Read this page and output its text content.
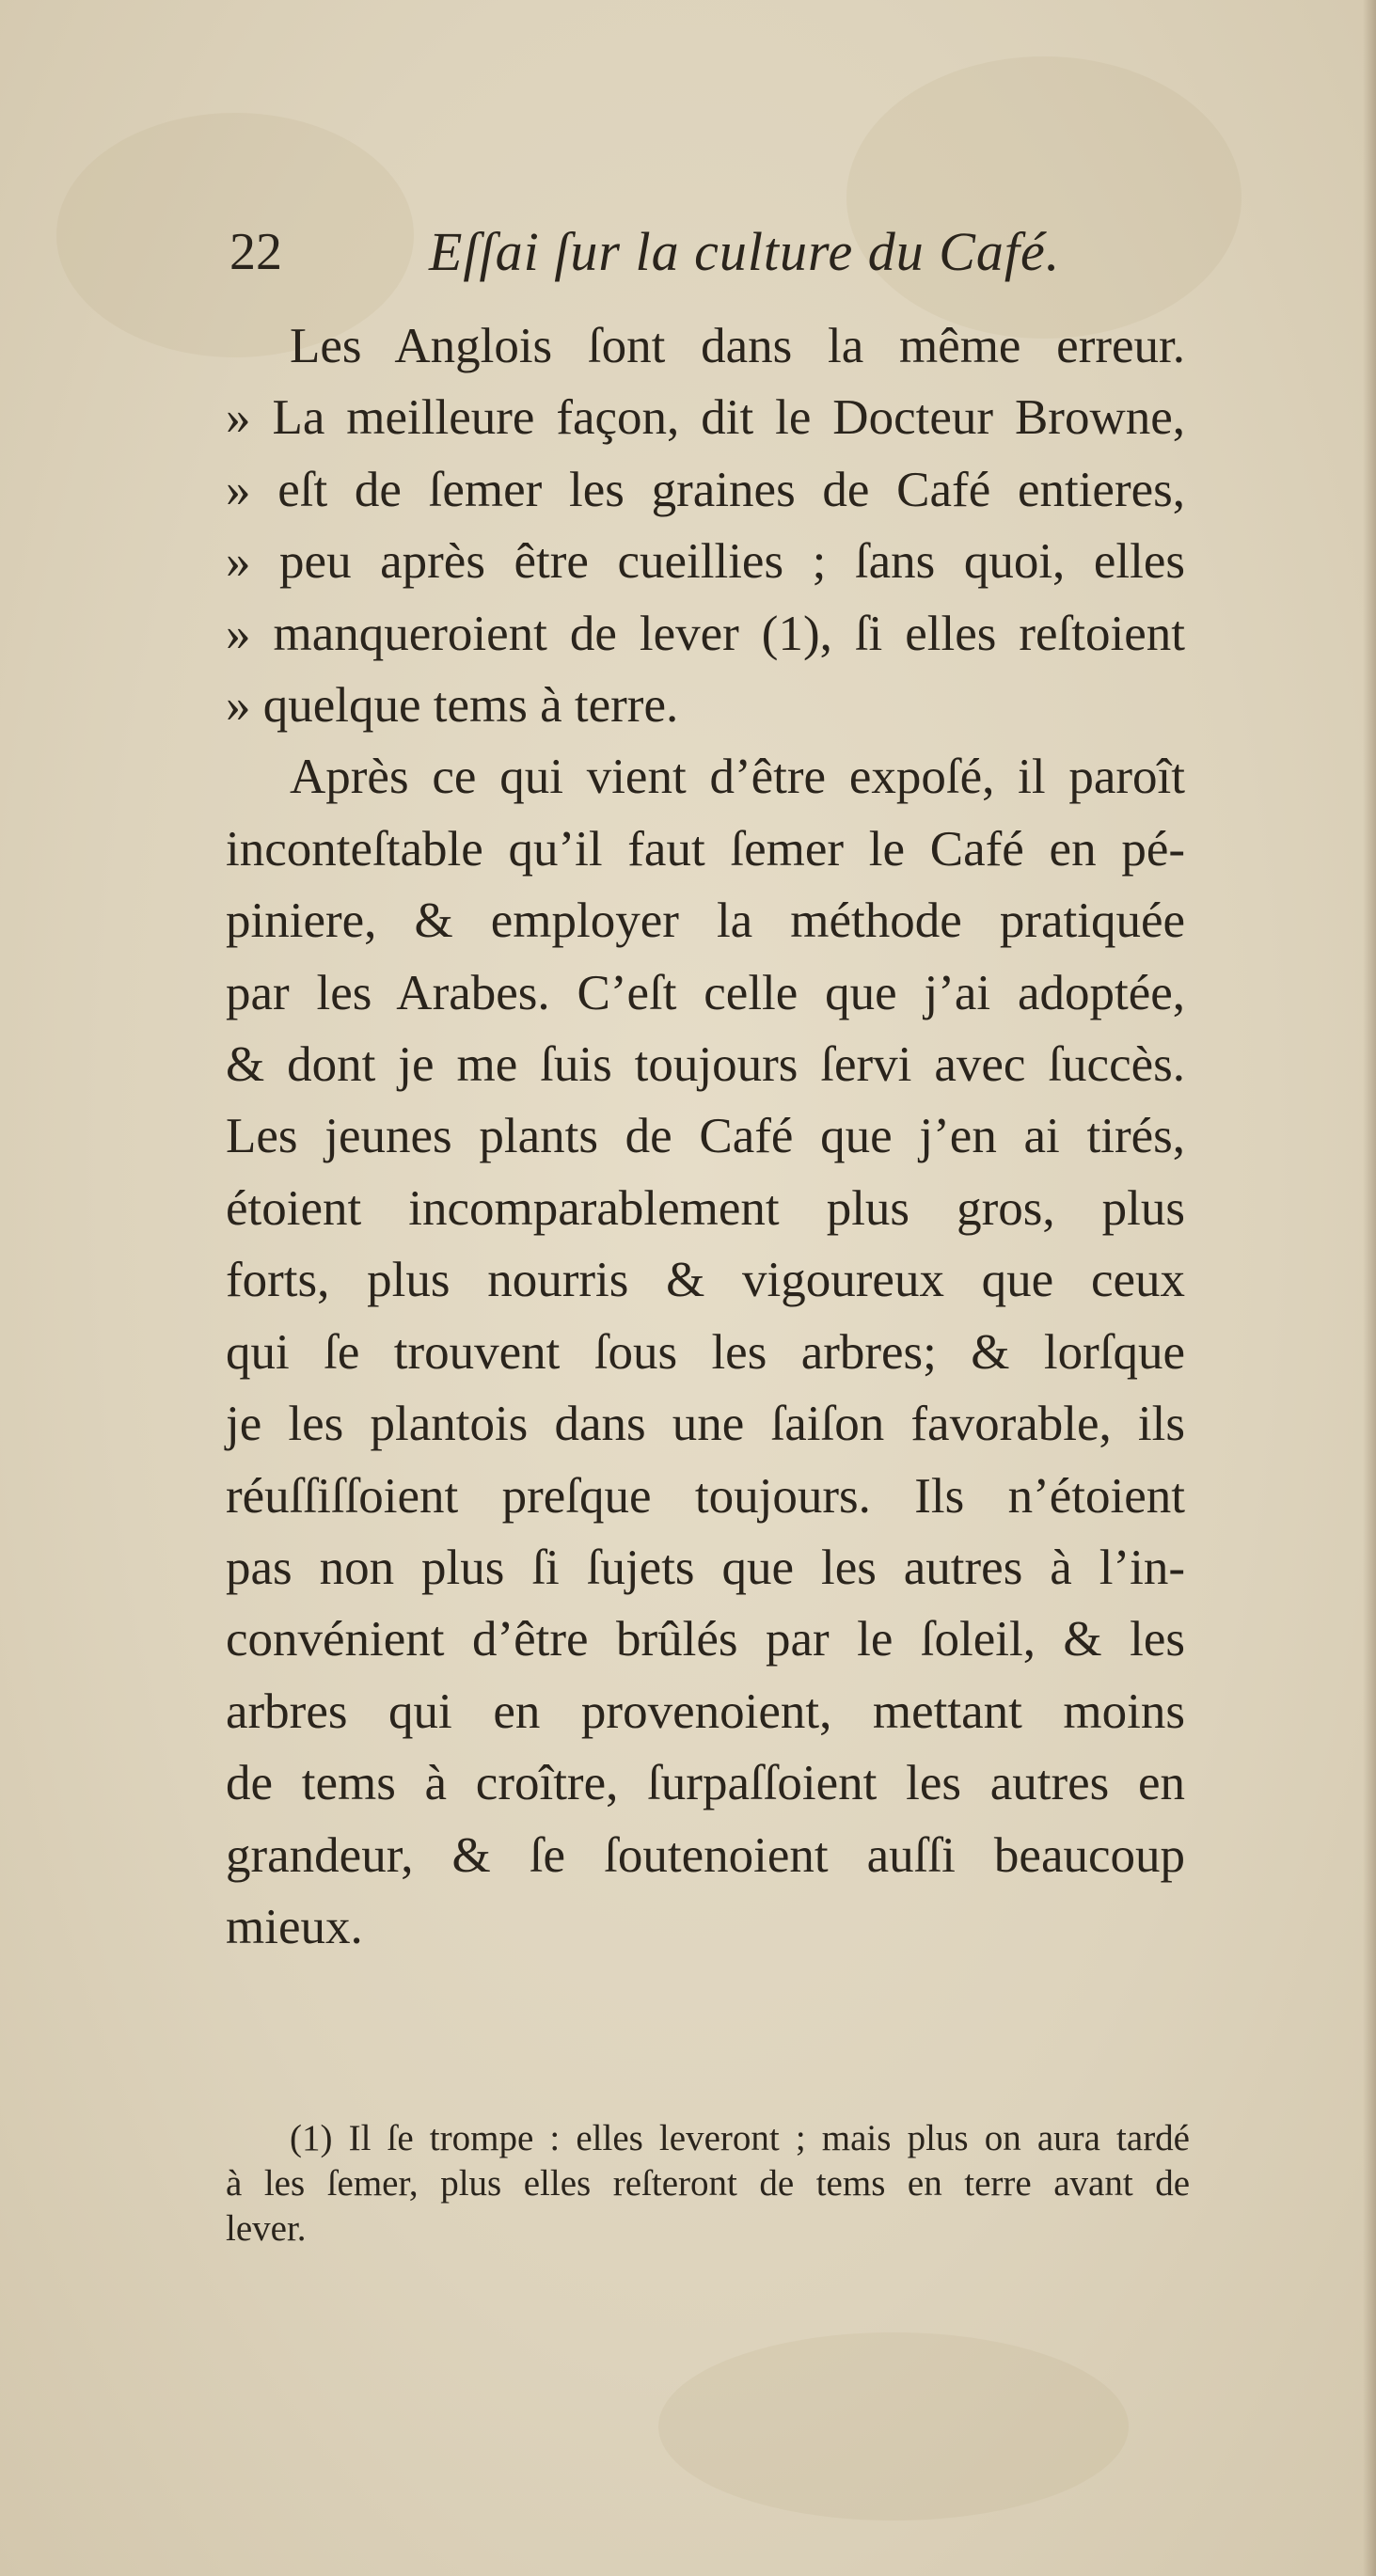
22	Eſſai ſur la culture du Café.
Les Anglois ſont dans la même erreur.
» La meilleure façon, dit le Docteur Browne,
» eſt de ſemer les graines de Café entieres,
» peu après être cueillies ; ſans quoi, elles
» manqueroient de lever (1), ſi elles reſtoient
» quelque tems à terre.
Après ce qui vient d’être expoſé, il paroît
inconteſtable qu’il faut ſemer le Café en pé-
piniere, & employer la méthode pratiquée
par les Arabes. C’eſt celle que j’ai adoptée,
& dont je me ſuis toujours ſervi avec ſuccès.
Les jeunes plants de Café que j’en ai tirés,
étoient incomparablement plus gros, plus
forts, plus nourris & vigoureux que ceux
qui ſe trouvent ſous les arbres; & lorſque
je les plantois dans une ſaiſon favorable, ils
réuſſiſſoient preſque toujours. Ils n’étoient
pas non plus ſi ſujets que les autres à l’in-
convénient d’être brûlés par le ſoleil, & les
arbres qui en provenoient, mettant moins
de tems à croître, ſurpaſſoient les autres en
grandeur, & ſe ſoutenoient auſſi beaucoup
mieux.
(1) Il ſe trompe : elles leveront ; mais plus on aura tardé
à les ſemer, plus elles reſteront de tems en terre avant de
lever.
